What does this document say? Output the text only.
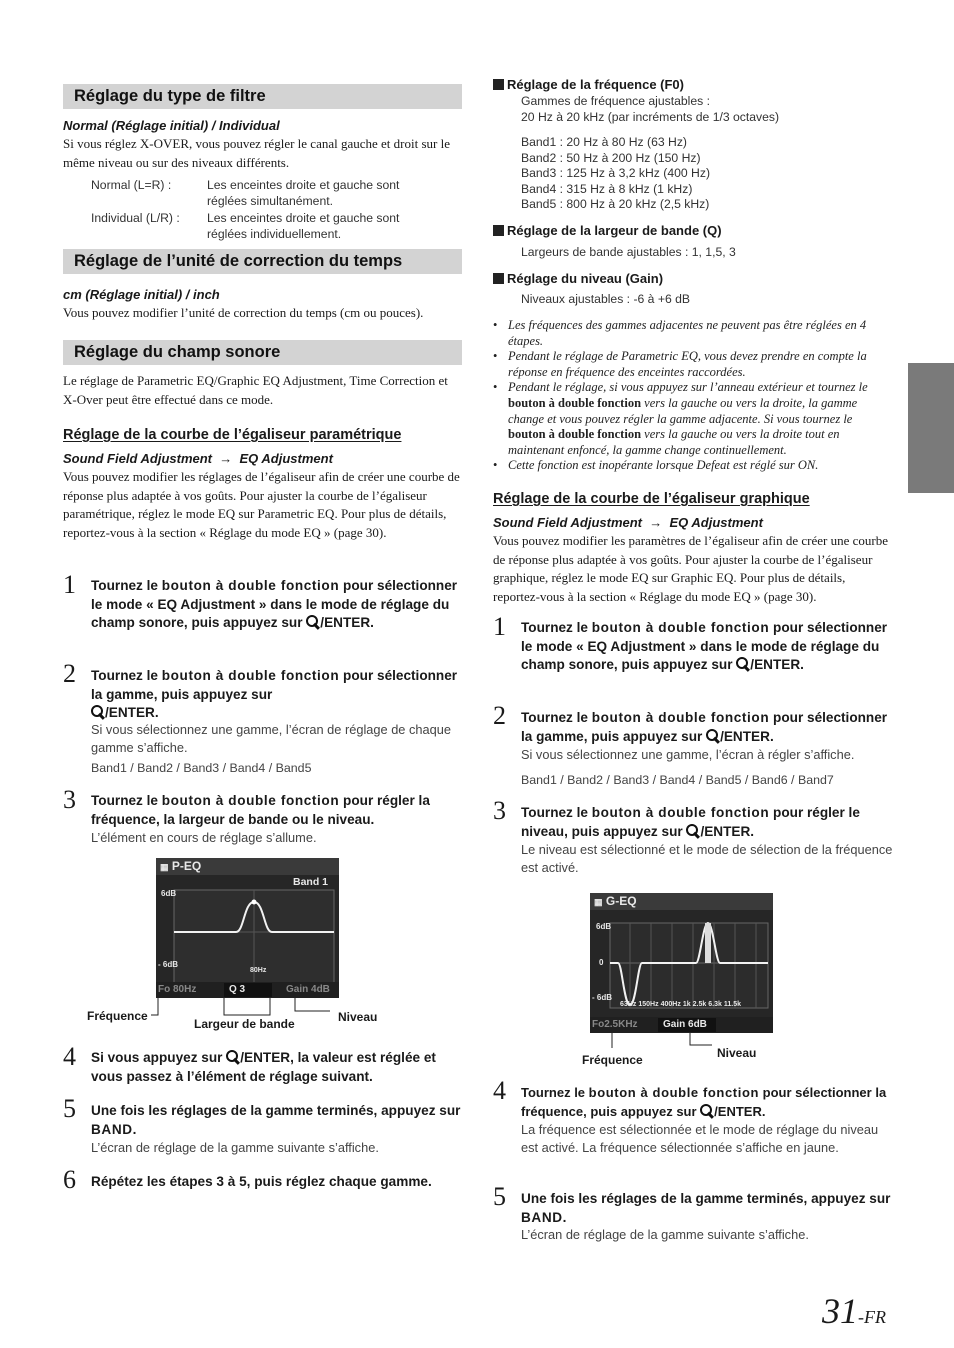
Réglage du type de filtre
Normal (Réglage initial) / Individual
Si vous réglez X-OVER, vous pouvez régler le canal gauche et droit sur le même niveau ou sur des niveaux différents.
Normal (L=R) :	Les enceintes droite et gauche sont réglées simultanément.
Individual (L/R) : Les enceintes droite et gauche sont réglées individuellement.
Réglage de l’unité de correction du temps
cm (Réglage initial) / inch
Vous pouvez modifier l’unité de correction du temps (cm ou pouces).
Réglage du champ sonore
Le réglage de Parametric EQ/Graphic EQ Adjustment, Time Correction et X-Over peut être effectué dans ce mode.
Réglage de la courbe de l’égaliseur paramétrique
Sound Field Adjustment → EQ Adjustment
Vous pouvez modifier les réglages de l’égaliseur afin de créer une courbe de réponse plus adaptée à vos goûts. Pour ajuster la courbe de l’égaliseur paramétrique, réglez le mode EQ sur Parametric EQ. Pour plus de détails, reportez-vous à la section « Réglage du mode EQ » (page 30).
1 Tournez le bouton à double fonction pour sélectionner le mode « EQ Adjustment » dans le mode de réglage du champ sonore, puis appuyez sur /ENTER.
2 Tournez le bouton à double fonction pour sélectionner la gamme, puis appuyez sur
/ENTER.
Si vous sélectionnez une gamme, l’écran de réglage de chaque gamme s’affiche.
Band1 / Band2 / Band3 / Band4 / Band5
3 Tournez le bouton à double fonction pour régler la fréquence, la largeur de bande ou le niveau.
L’élément en cours de réglage s’allume.
▦ P-EQ
Band 1
6dB
- 6dB
80Hz
Fo 80Hz	Q 3	Gain 4dB
Fréquence
Largeur de bande	Niveau
4 Si vous appuyez sur /ENTER, la valeur est réglée et vous passez à l’élément de réglage suivant.
5 Une fois les réglages de la gamme terminés, appuyez sur BAND.
L’écran de réglage de la gamme suivante s’affiche.
6 Répétez les étapes 3 à 5, puis réglez chaque gamme.
Réglage de la fréquence (F0)
Gammes de fréquence ajustables :
20 Hz à 20 kHz (par incréments de 1/3 octaves)
Band1 : 20 Hz à 80 Hz (63 Hz)
Band2 : 50 Hz à 200 Hz (150 Hz)
Band3 : 125 Hz à 3,2 kHz (400 Hz)
Band4 : 315 Hz à 8 kHz (1 kHz)
Band5 : 800 Hz à 20 kHz (2,5 kHz)
Réglage de la largeur de bande (Q)
Largeurs de bande ajustables : 1, 1,5, 3
Réglage du niveau (Gain)
Niveaux ajustables : -6 à +6 dB
• Les fréquences des gammes adjacentes ne peuvent pas être réglées en 4 étapes.
• Pendant le réglage de Parametric EQ, vous devez prendre en compte la réponse en fréquence des enceintes raccordées.
• Pendant le réglage, si vous appuyez sur l’anneau extérieur et tournez le bouton à double fonction vers la gauche ou vers la droite, la gamme change et vous pouvez régler la gamme adjacente. Si vous tournez le bouton à double fonction vers la gauche ou vers la droite tout en maintenant enfoncé, la gamme change continuellement.
• Cette fonction est inopérante lorsque Defeat est réglé sur ON.
Réglage de la courbe de l’égaliseur graphique
Sound Field Adjustment → EQ Adjustment
Vous pouvez modifier les paramètres de l’égaliseur afin de créer une courbe de réponse plus adaptée à vos goûts. Pour ajuster la courbe de l’égaliseur graphique, réglez le mode EQ sur Graphic EQ. Pour plus de détails, reportez-vous à la section « Réglage du mode EQ » (page 30).
1 Tournez le bouton à double fonction pour sélectionner le mode « EQ Adjustment » dans le mode de réglage du champ sonore, puis appuyez sur /ENTER.
2 Tournez le bouton à double fonction pour sélectionner la gamme, puis appuyez sur /ENTER.
Si vous sélectionnez une gamme, l’écran à régler s’affiche.
Band1 / Band2 / Band3 / Band4 / Band5 / Band6 / Band7
3 Tournez le bouton à double fonction pour régler le niveau, puis appuyez sur /ENTER.
Le niveau est sélectionné et le mode de sélection de la fréquence est activé.
▦ G-EQ
6dB
0
- 6dB
63Hz 150Hz 400Hz 1k 2.5k 6.3k 11.5k
Fo2.5KHz	Gain 6dB
Fréquence	Niveau
4 Tournez le bouton à double fonction pour sélectionner la fréquence, puis appuyez sur /ENTER.
La fréquence est sélectionnée et le mode de réglage du niveau est activé. La fréquence sélectionnée s’affiche en jaune.
5 Une fois les réglages de la gamme terminés, appuyez sur BAND.
L’écran de réglage de la gamme suivante s’affiche.
31-FR
